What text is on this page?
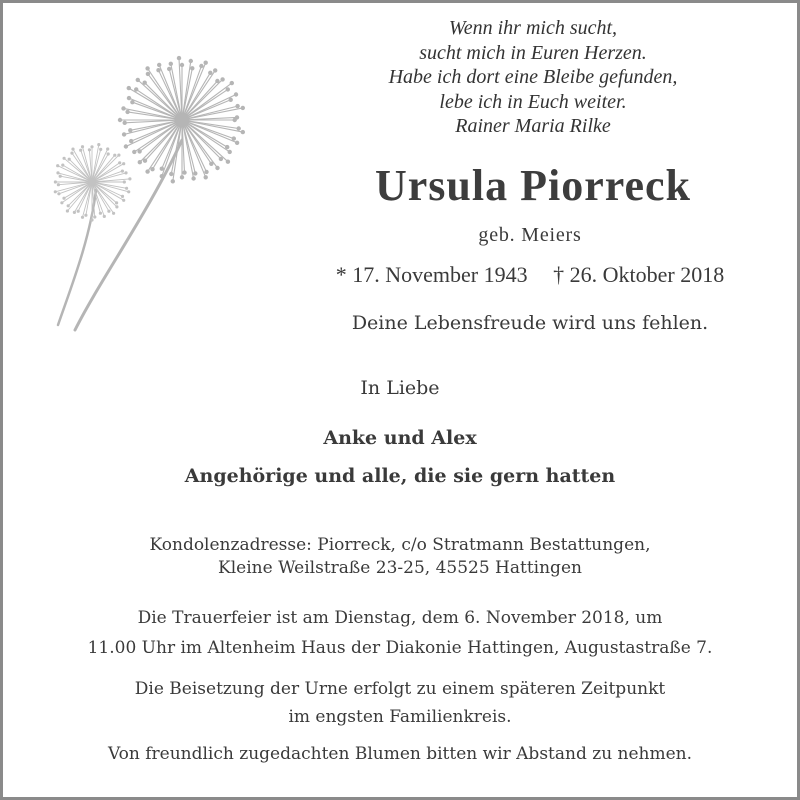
Wenn ihr mich sucht,
sucht mich in Euren Herzen.
Habe ich dort eine Bleibe gefunden,
lebe ich in Euch weiter.
Rainer Maria Rilke
Ursula Piorreck
geb. Meiers
* 17. November 1943 † 26. Oktober 2018
Deine Lebensfreude wird uns fehlen.
In Liebe
Anke und Alex
Angehörige und alle, die sie gern hatten
Kondolenzadresse: Piorreck, c/o Stratmann Bestattungen,
Kleine Weilstraße 23-25, 45525 Hattingen
Die Trauerfeier ist am Dienstag, dem 6. November 2018, um
11.00 Uhr im Altenheim Haus der Diakonie Hattingen, Augustastraße 7.
Die Beisetzung der Urne erfolgt zu einem späteren Zeitpunkt
im engsten Familienkreis.
Von freundlich zugedachten Blumen bitten wir Abstand zu nehmen.
